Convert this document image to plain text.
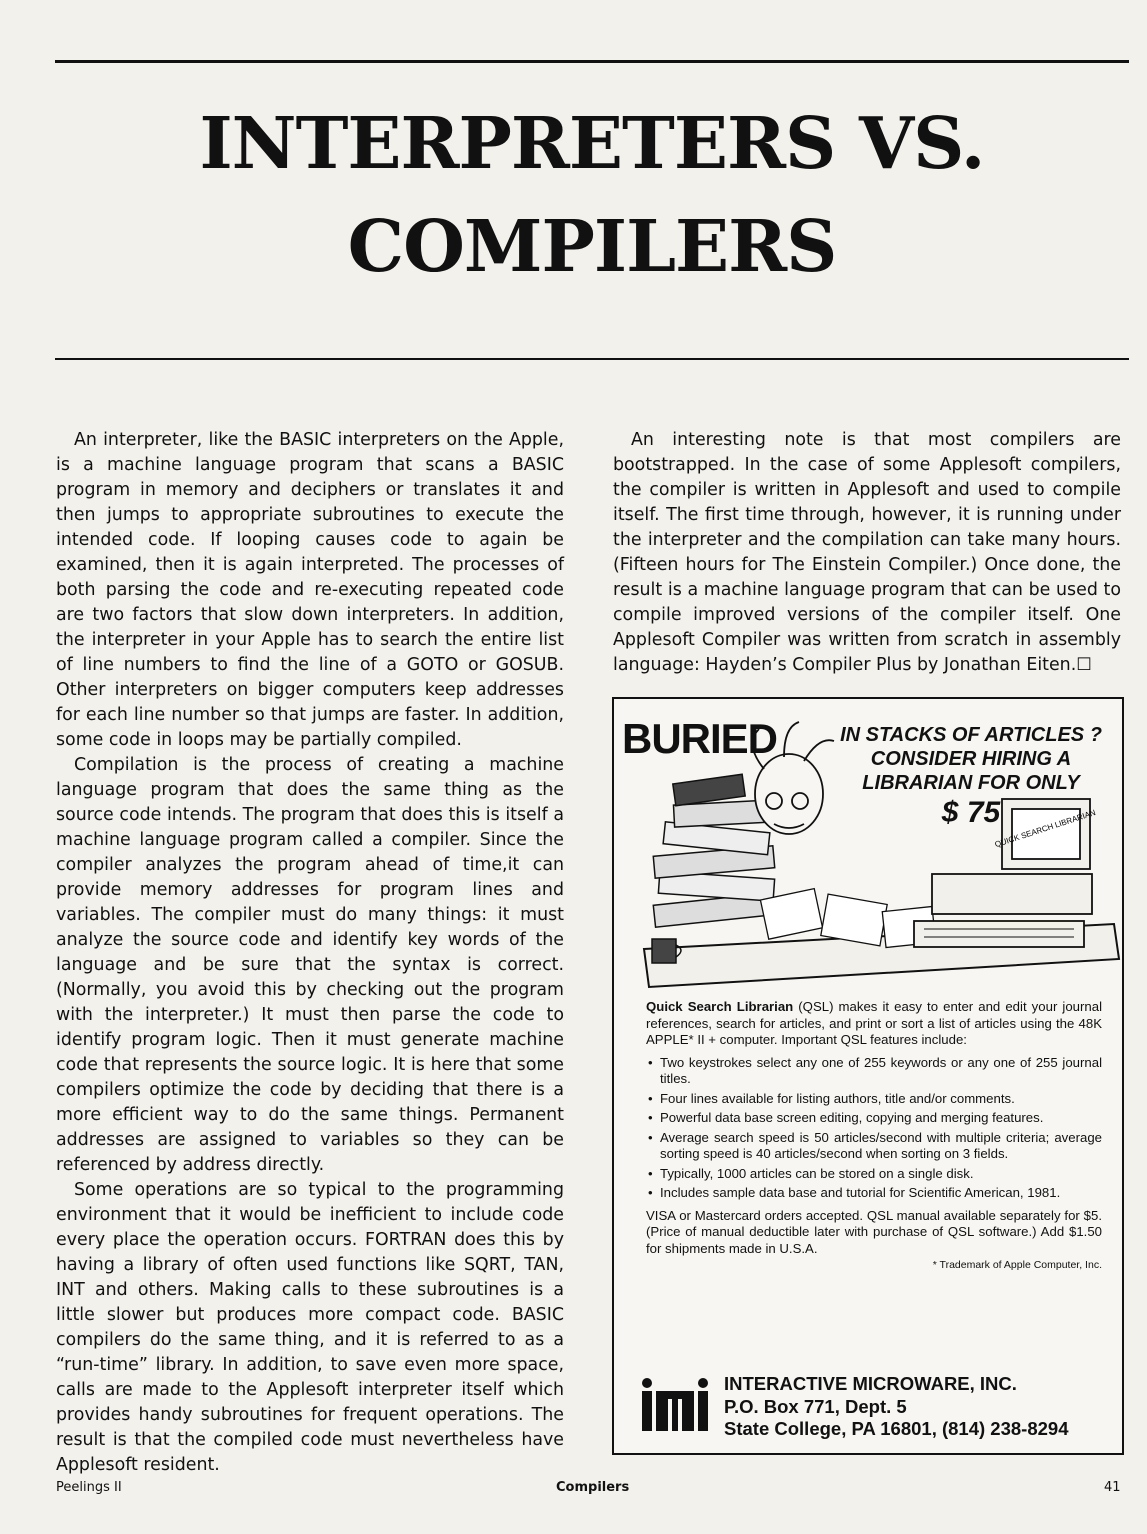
INTERPRETERS VS.
COMPILERS

An interpreter, like the BASIC interpreters on the Apple, is a machine language program that scans a BASIC program in memory and deciphers or translates it and then jumps to appropriate subroutines to execute the intended code. If looping causes code to again be examined, then it is again interpreted. The processes of both parsing the code and re-executing repeated code are two factors that slow down interpreters. In addition, the interpreter in your Apple has to search the entire list of line numbers to find the line of a GOTO or GOSUB. Other interpreters on bigger computers keep addresses for each line number so that jumps are faster. In addition, some code in loops may be partially compiled.

Compilation is the process of creating a machine language program that does the same thing as the source code intends. The program that does this is itself a machine language program called a compiler. Since the compiler analyzes the program ahead of time,it can provide memory addresses for program lines and variables. The compiler must do many things: it must analyze the source code and identify key words of the language and be sure that the syntax is correct. (Normally, you avoid this by checking out the program with the interpreter.) It must then parse the code to identify program logic. Then it must generate machine code that represents the source logic. It is here that some compilers optimize the code by deciding that there is a more efficient way to do the same things. Permanent addresses are assigned to variables so they can be referenced by address directly.

Some operations are so typical to the programming environment that it would be inefficient to include code every place the operation occurs. FORTRAN does this by having a library of often used functions like SQRT, TAN, INT and others. Making calls to these subroutines is a little slower but produces more compact code. BASIC compilers do the same thing, and it is referred to as a “run-time” library. In addition, to save even more space, calls are made to the Applesoft interpreter itself which provides handy subroutines for frequent operations. The result is that the compiled code must nevertheless have Applesoft resident.

An interesting note is that most compilers are bootstrapped. In the case of some Applesoft compilers, the compiler is written in Applesoft and used to compile itself. The first time through, however, it is running under the interpreter and the compilation can take many hours. (Fifteen hours for The Einstein Compiler.) Once done, the result is a machine language program that can be used to compile improved versions of the compiler itself. One Applesoft Compiler was written from scratch in assembly language: Hayden’s Compiler Plus by Jonathan Eiten.☐

QUICK SEARCH LIBRARIAN
BURIED	IN STACKS OF ARTICLES ?
CONSIDER HIRING A
LIBRARIAN FOR ONLY
$ 75
Quick Search Librarian (QSL) makes it easy to enter and edit your journal references, search for articles, and print or sort a list of articles using the 48K APPLE* II + computer. Important QSL features include:
• Two keystrokes select any one of 255 keywords or any one of 255 journal titles.
• Four lines available for listing authors, title and/or comments.
• Powerful data base screen editing, copying and merging features.
• Average search speed is 50 articles/second with multiple criteria; average sorting speed is 40 articles/second when sorting on 3 fields.
• Typically, 1000 articles can be stored on a single disk.
• Includes sample data base and tutorial for Scientific American, 1981.
VISA or Mastercard orders accepted. QSL manual available separately for $5. (Price of manual deductible later with purchase of QSL software.) Add $1.50 for shipments made in U.S.A.
* Trademark of Apple Computer, Inc.
imi	INTERACTIVE MICROWARE, INC.
P.O. Box 771, Dept. 5
State College, PA 16801, (814) 238-8294
Peelings II	Compilers	41
